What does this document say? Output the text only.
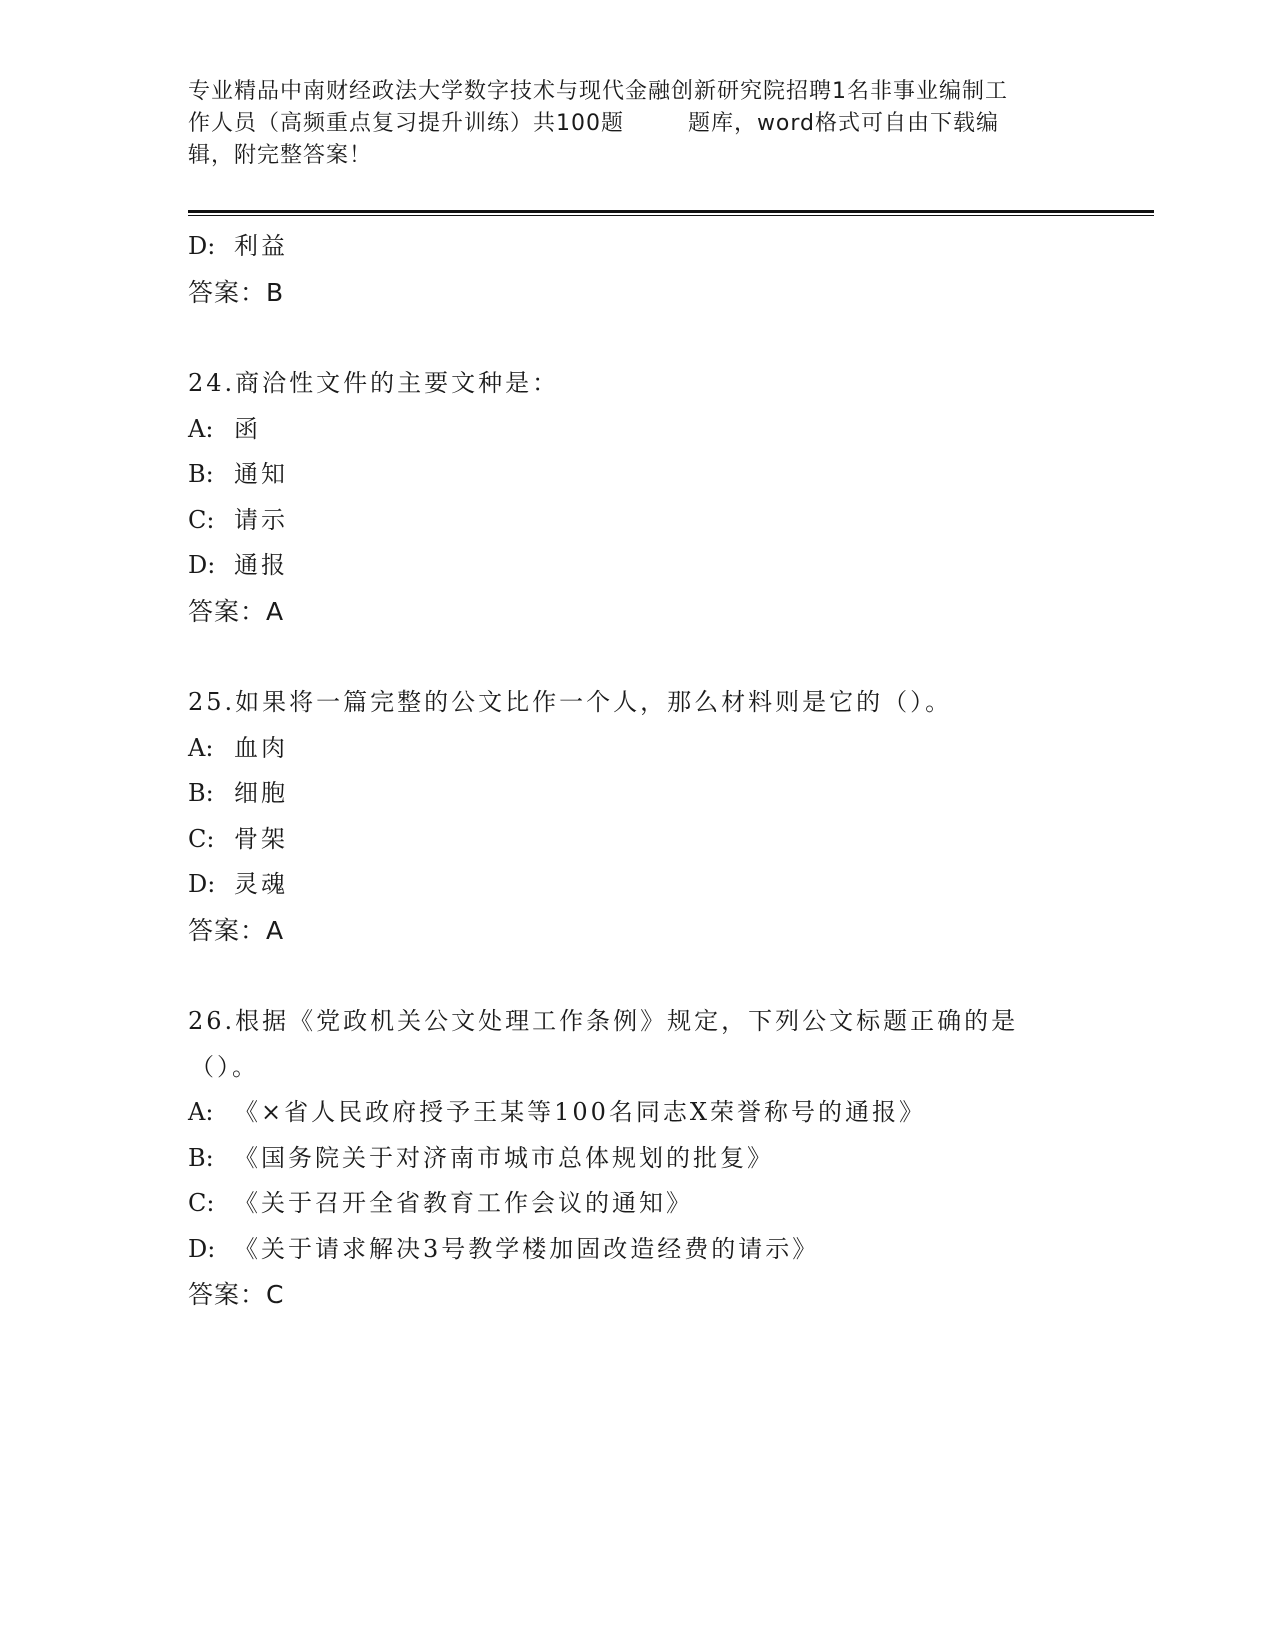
专业精品中南财经政法大学数字技术与现代金融创新研究院招聘1名非事业编制工
作人员（高频重点复习提升训练）共100题        题库，word格式可自由下载编
辑，附完整答案！
D: 利益
答案：B
24.商洽性文件的主要文种是：
A: 函
B: 通知
C: 请示
D: 通报
答案：A
25.如果将一篇完整的公文比作一个人，那么材料则是它的（）。
A: 血肉
B: 细胞
C: 骨架
D: 灵魂
答案：A
26.根据《党政机关公文处理工作条例》规定，下列公文标题正确的是
（）。
A: 《×省人民政府授予王某等100名同志X荣誉称号的通报》
B: 《国务院关于对济南市城市总体规划的批复》
C: 《关于召开全省教育工作会议的通知》
D: 《关于请求解决3号教学楼加固改造经费的请示》
答案：C
